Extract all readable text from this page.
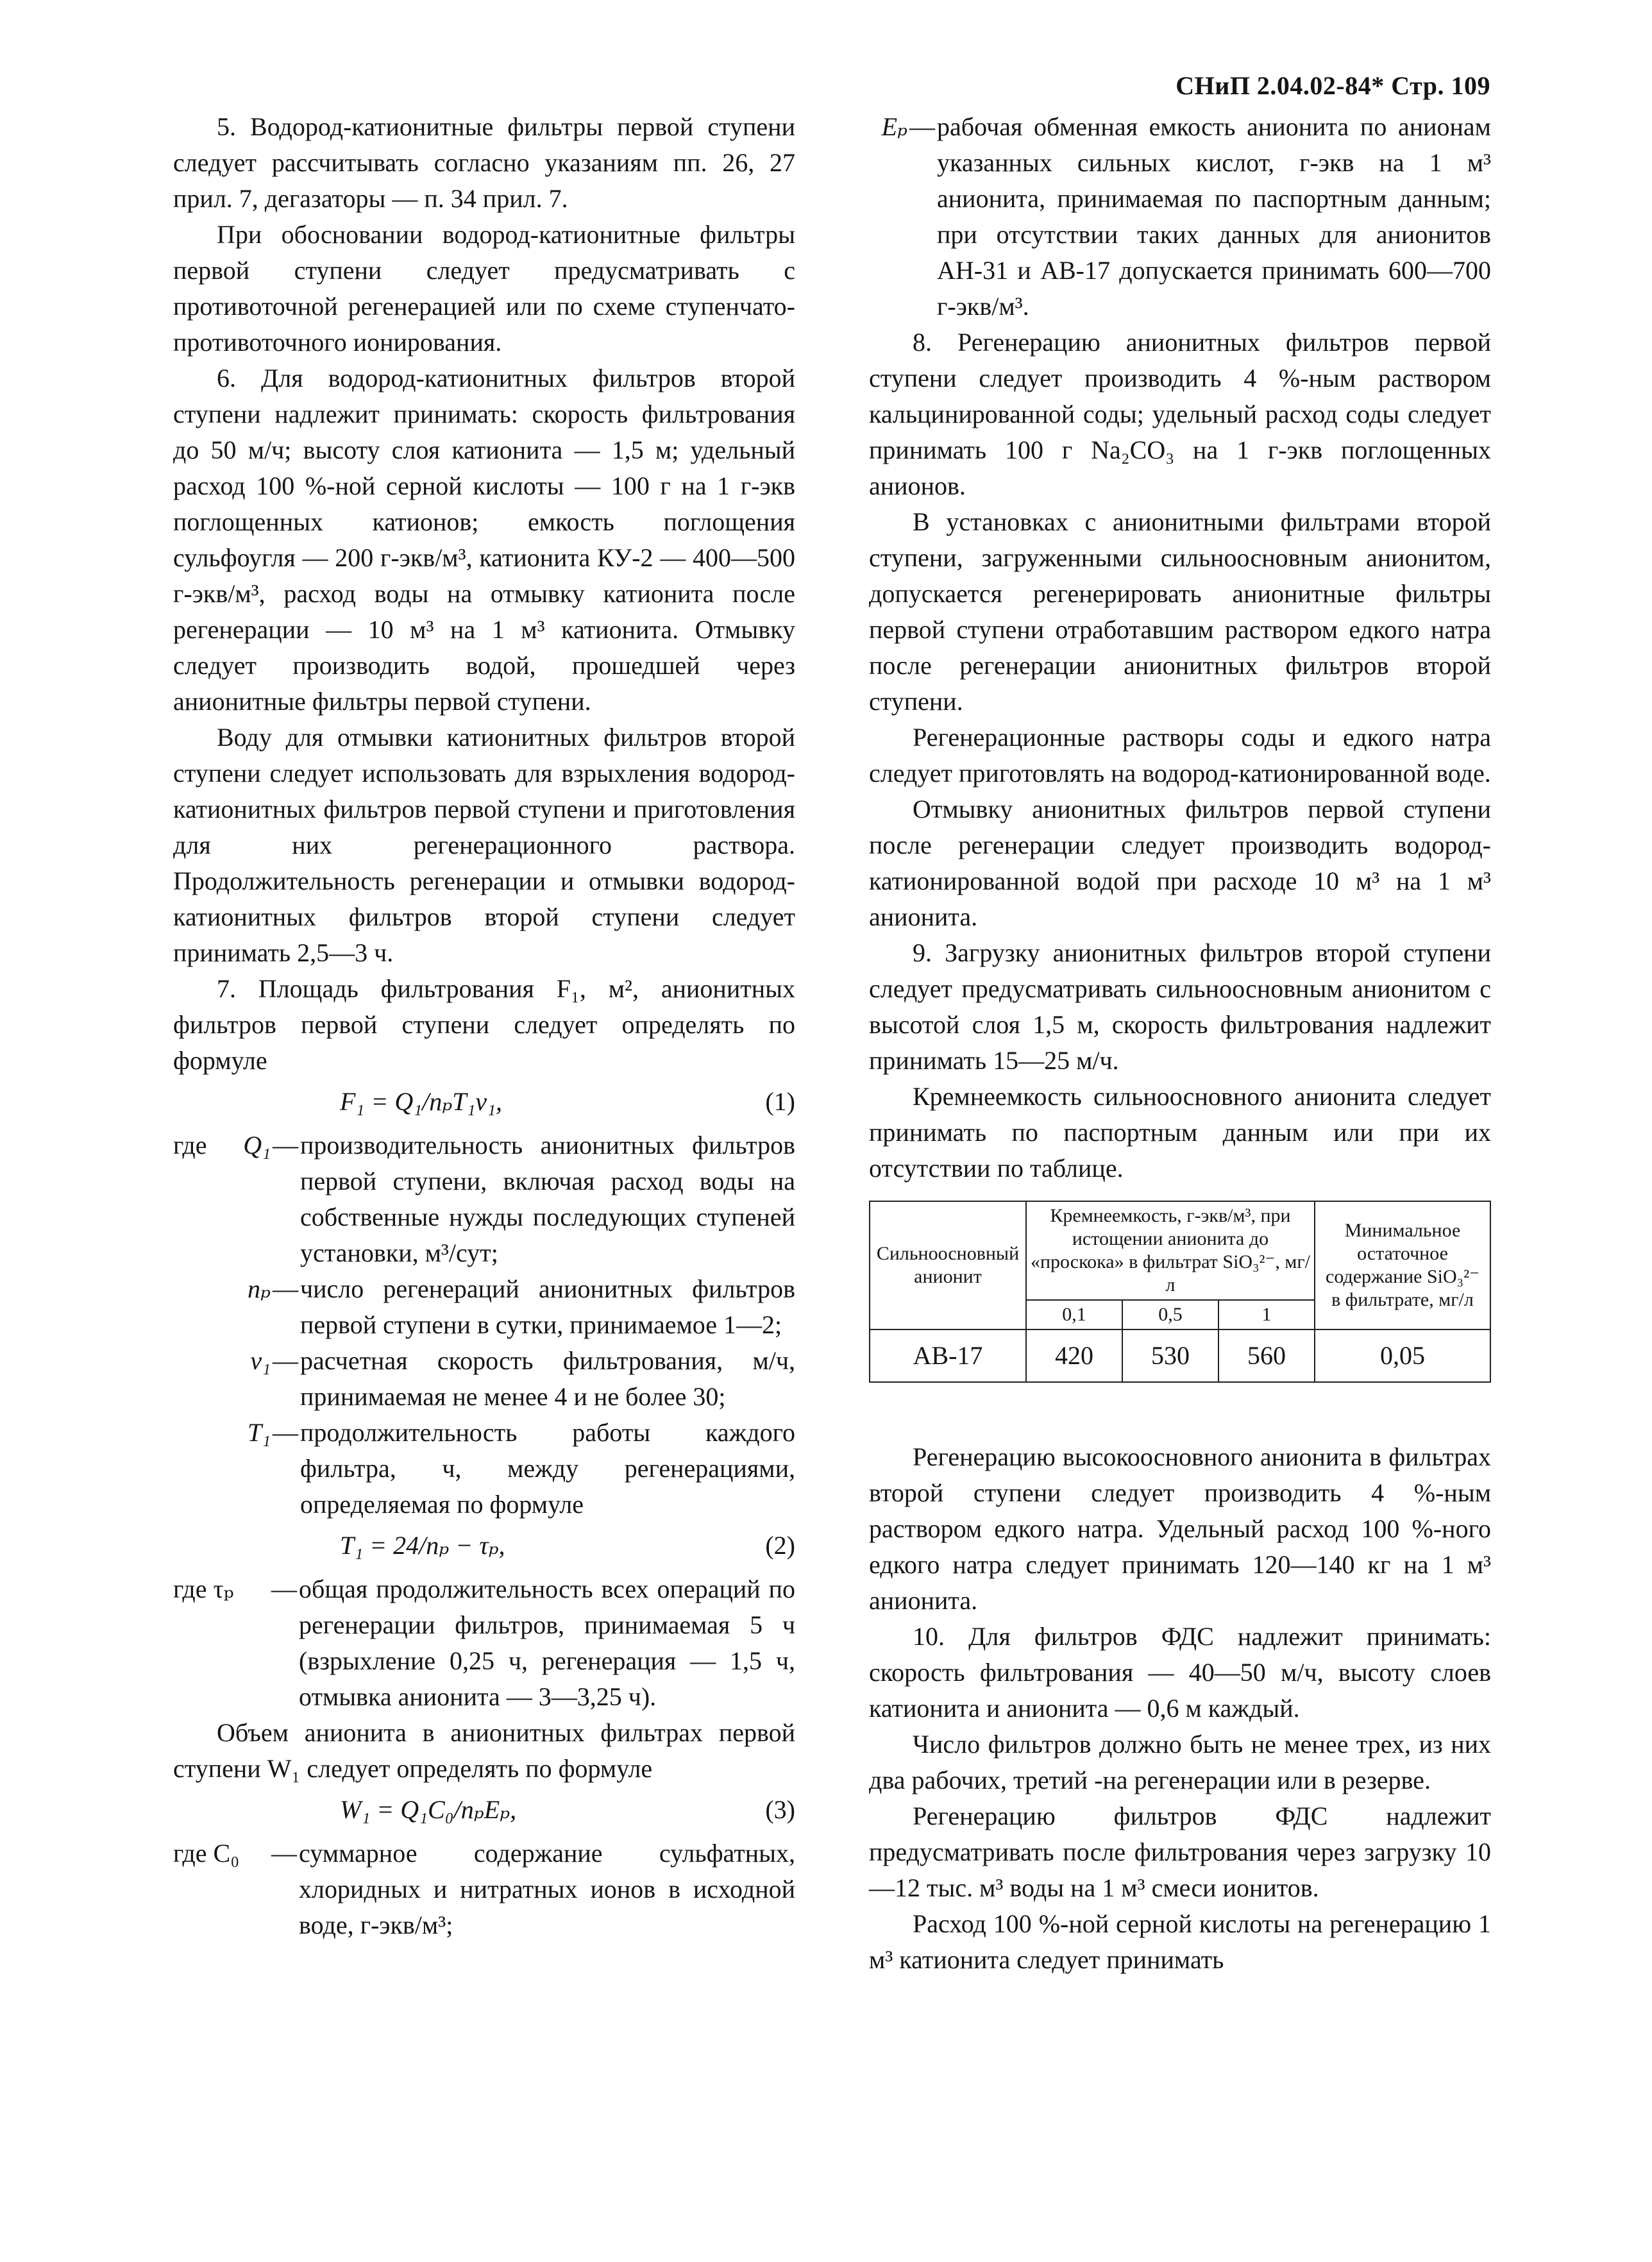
СНиП 2.04.02-84* Стр. 109

5. Водород-катионитные фильтры первой ступени следует рассчитывать согласно указаниям пп. 26, 27 прил. 7, дегазаторы — п. 34 прил. 7.

При обосновании водород-катионитные фильтры первой ступени следует предусматривать с противоточной регенерацией или по схеме ступенчато-противоточного ионирования.

6. Для водород-катионитных фильтров второй ступени надлежит принимать: скорость фильтрования до 50 м/ч; высоту слоя катионита — 1,5 м; удельный расход 100 %-ной серной кислоты — 100 г на 1 г-экв поглощенных катионов; емкость поглощения сульфоугля — 200 г-экв/м³, катионита КУ-2 — 400—500 г-экв/м³, расход воды на отмывку катионита после регенерации — 10 м³ на 1 м³ катионита. Отмывку следует производить водой, прошедшей через анионитные фильтры первой ступени.

Воду для отмывки катионитных фильтров второй ступени следует использовать для взрыхления водород-катионитных фильтров первой ступени и приготовления для них регенерационного раствора. Продолжительность регенерации и отмывки водород-катионитных фильтров второй ступени следует принимать 2,5—3 ч.

7. Площадь фильтрования F₁, м², анионитных фильтров первой ступени следует определять по формуле

F₁ = Q₁/nₚT₁v₁,	(1)
где	Q₁ — производительность анионитных фильтров первой ступени, включая расход воды на собственные нужды последующих ступеней установки, м³/сут;
nₚ — число регенераций анионитных фильтров первой ступени в сутки, принимаемое 1—2;
v₁ — расчетная скорость фильтрования, м/ч, принимаемая не менее 4 и не более 30;
T₁ — продолжительность работы каждого фильтра, ч, между регенерациями, определяемая по формуле
T₁ = 24/nₚ − τₚ,	(2)
где τₚ	— общая продолжительность всех операций по регенерации фильтров, принимаемая 5 ч (взрыхление 0,25 ч, регенерация — 1,5 ч, отмывка анионита — 3—3,25 ч).

Объем анионита в анионитных фильтрах первой ступени W₁ следует определять по формуле

W₁ = Q₁C₀/nₚEₚ,	(3)
где C₀	— суммарное содержание сульфатных, хлоридных и нитратных ионов в исходной воде, г-экв/м³;
Eₚ — рабочая обменная емкость анионита по анионам указанных сильных кислот, г-экв на 1 м³ анионита, принимаемая по паспортным данным; при отсутствии таких данных для анионитов АН-31 и АВ-17 допускается принимать 600—700 г-экв/м³.

8. Регенерацию анионитных фильтров первой ступени следует производить 4 %-ным раствором кальцинированной соды; удельный расход соды следует принимать 100 г Na₂CO₃ на 1 г-экв поглощенных анионов.

В установках с анионитными фильтрами второй ступени, загруженными сильноосновным анионитом, допускается регенерировать анионитные фильтры первой ступени отработавшим раствором едкого натра после регенерации анионитных фильтров второй ступени.

Регенерационные растворы соды и едкого натра следует приготовлять на водород-катионированной воде.

Отмывку анионитных фильтров первой ступени после регенерации следует производить водород-катионированной водой при расходе 10 м³ на 1 м³ анионита.

9. Загрузку анионитных фильтров второй ступени следует предусматривать сильноосновным анионитом с высотой слоя 1,5 м, скорость фильтрования надлежит принимать 15—25 м/ч.

Кремнеемкость сильноосновного анионита следует принимать по паспортным данным или при их отсутствии по таблице.

Сильноосновный анионит	Кремнеемкость, г-экв/м³, при истощении анионита до «проскока» в фильтрат SiO₃²⁻, мг/л			Минимальное остаточное содержание SiO₃²⁻ в фильтрате, мг/л
	0,1	0,5	1	
АВ-17	420	530	560	0,05

Регенерацию высокоосновного анионита в фильтрах второй ступени следует производить 4 %-ным раствором едкого натра. Удельный расход 100 %-ного едкого натра следует принимать 120—140 кг на 1 м³ анионита.

10. Для фильтров ФДС надлежит принимать: скорость фильтрования — 40—50 м/ч, высоту слоев катионита и анионита — 0,6 м каждый.

Число фильтров должно быть не менее трех, из них два рабочих, третий -на регенерации или в резерве.

Регенерацию фильтров ФДС надлежит предусматривать после фильтрования через загрузку 10—12 тыс. м³ воды на 1 м³ смеси ионитов.

Расход 100 %-ной серной кислоты на регенерацию 1 м³ катионита следует принимать
